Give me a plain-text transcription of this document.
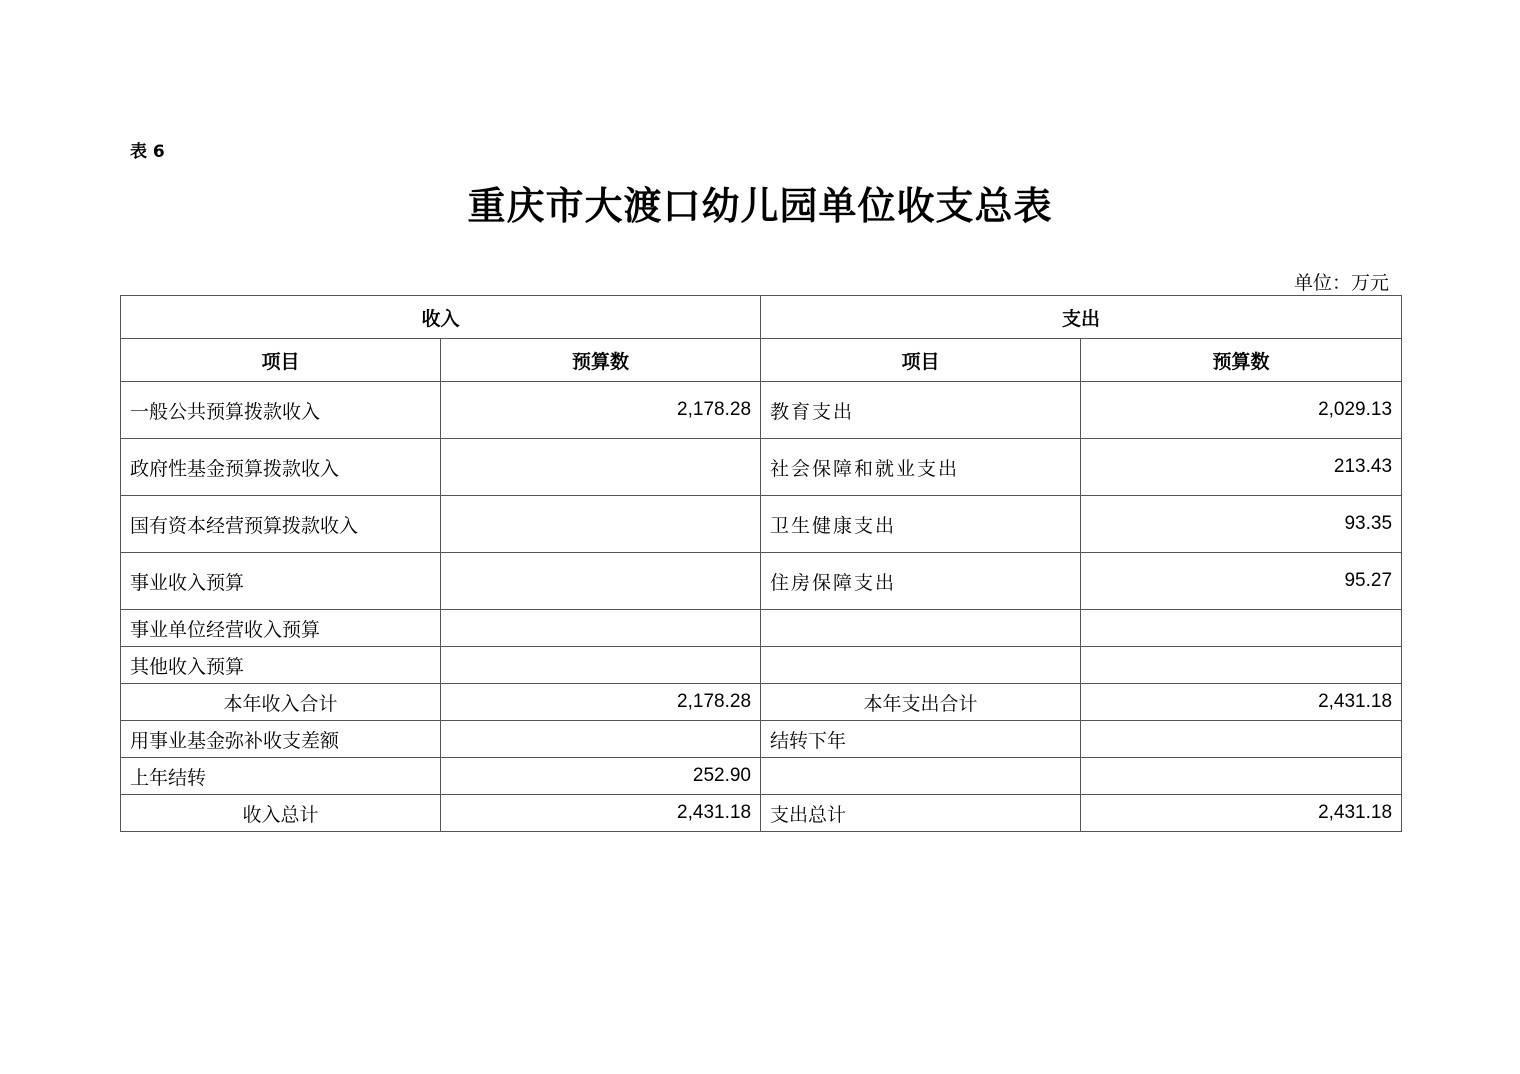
表 6
重庆市大渡口幼儿园单位收支总表
单位：万元
收入		支出	
项目	预算数	项目	预算数
一般公共预算拨款收入	2,178.28	教育支出	2,029.13
政府性基金预算拨款收入		社会保障和就业支出	213.43
国有资本经营预算拨款收入		卫生健康支出	93.35
事业收入预算		住房保障支出	95.27
事业单位经营收入预算			
其他收入预算			
本年收入合计	2,178.28	本年支出合计	2,431.18
用事业基金弥补收支差额		结转下年	
上年结转	252.90		
收入总计	2,431.18	支出总计	2,431.18
